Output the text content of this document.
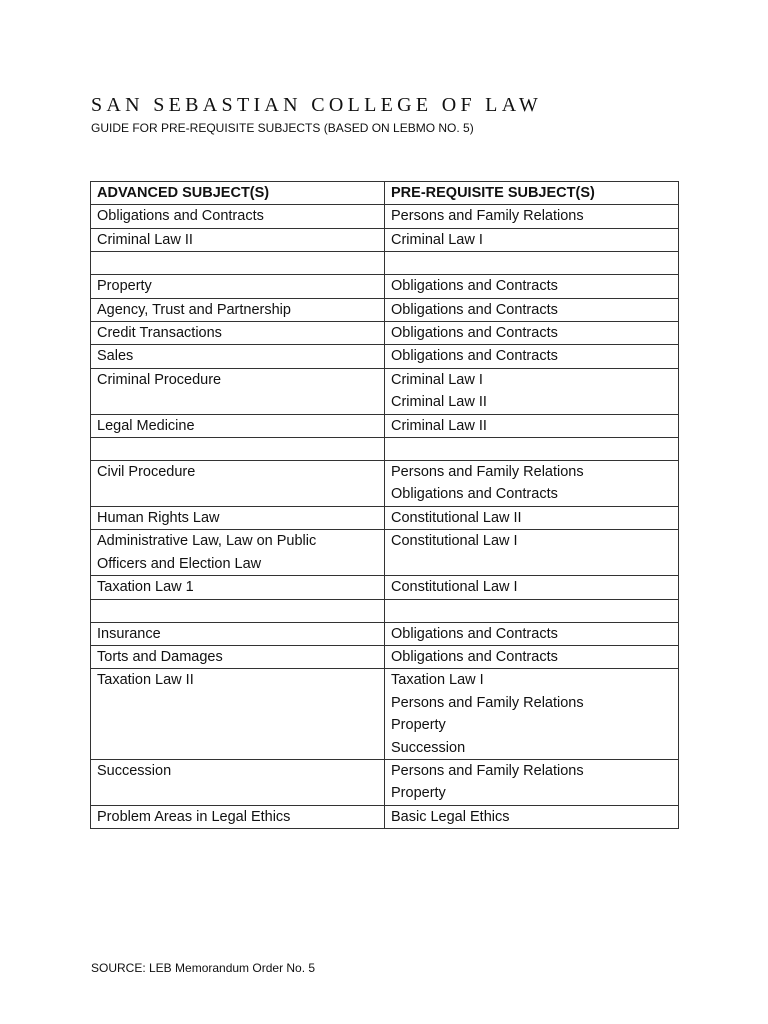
SAN SEBASTIAN COLLEGE OF LAW
GUIDE FOR PRE-REQUISITE SUBJECTS (BASED ON LEBMO NO. 5)
ADVANCED SUBJECT(S)	PRE-REQUISITE SUBJECT(S)

Obligations and Contracts	Persons and Family Relations

Criminal Law II	Criminal Law I

Property	Obligations and Contracts

Agency, Trust and Partnership	Obligations and Contracts

Credit Transactions	Obligations and Contracts

Sales	Obligations and Contracts

Criminal Procedure	Criminal Law I
Criminal Law II

Legal Medicine	Criminal Law II

Civil Procedure	Persons and Family Relations
Obligations and Contracts

Human Rights Law	Constitutional Law II

Administrative Law, Law on Public
Officers and Election Law	Constitutional Law I

Taxation Law 1	Constitutional Law I

Insurance	Obligations and Contracts

Torts and Damages	Obligations and Contracts

Taxation Law II	Taxation Law I
Persons and Family Relations
Property
Succession

Succession	Persons and Family Relations
Property

Problem Areas in Legal Ethics	Basic Legal Ethics
SOURCE: LEB Memorandum Order No. 5
